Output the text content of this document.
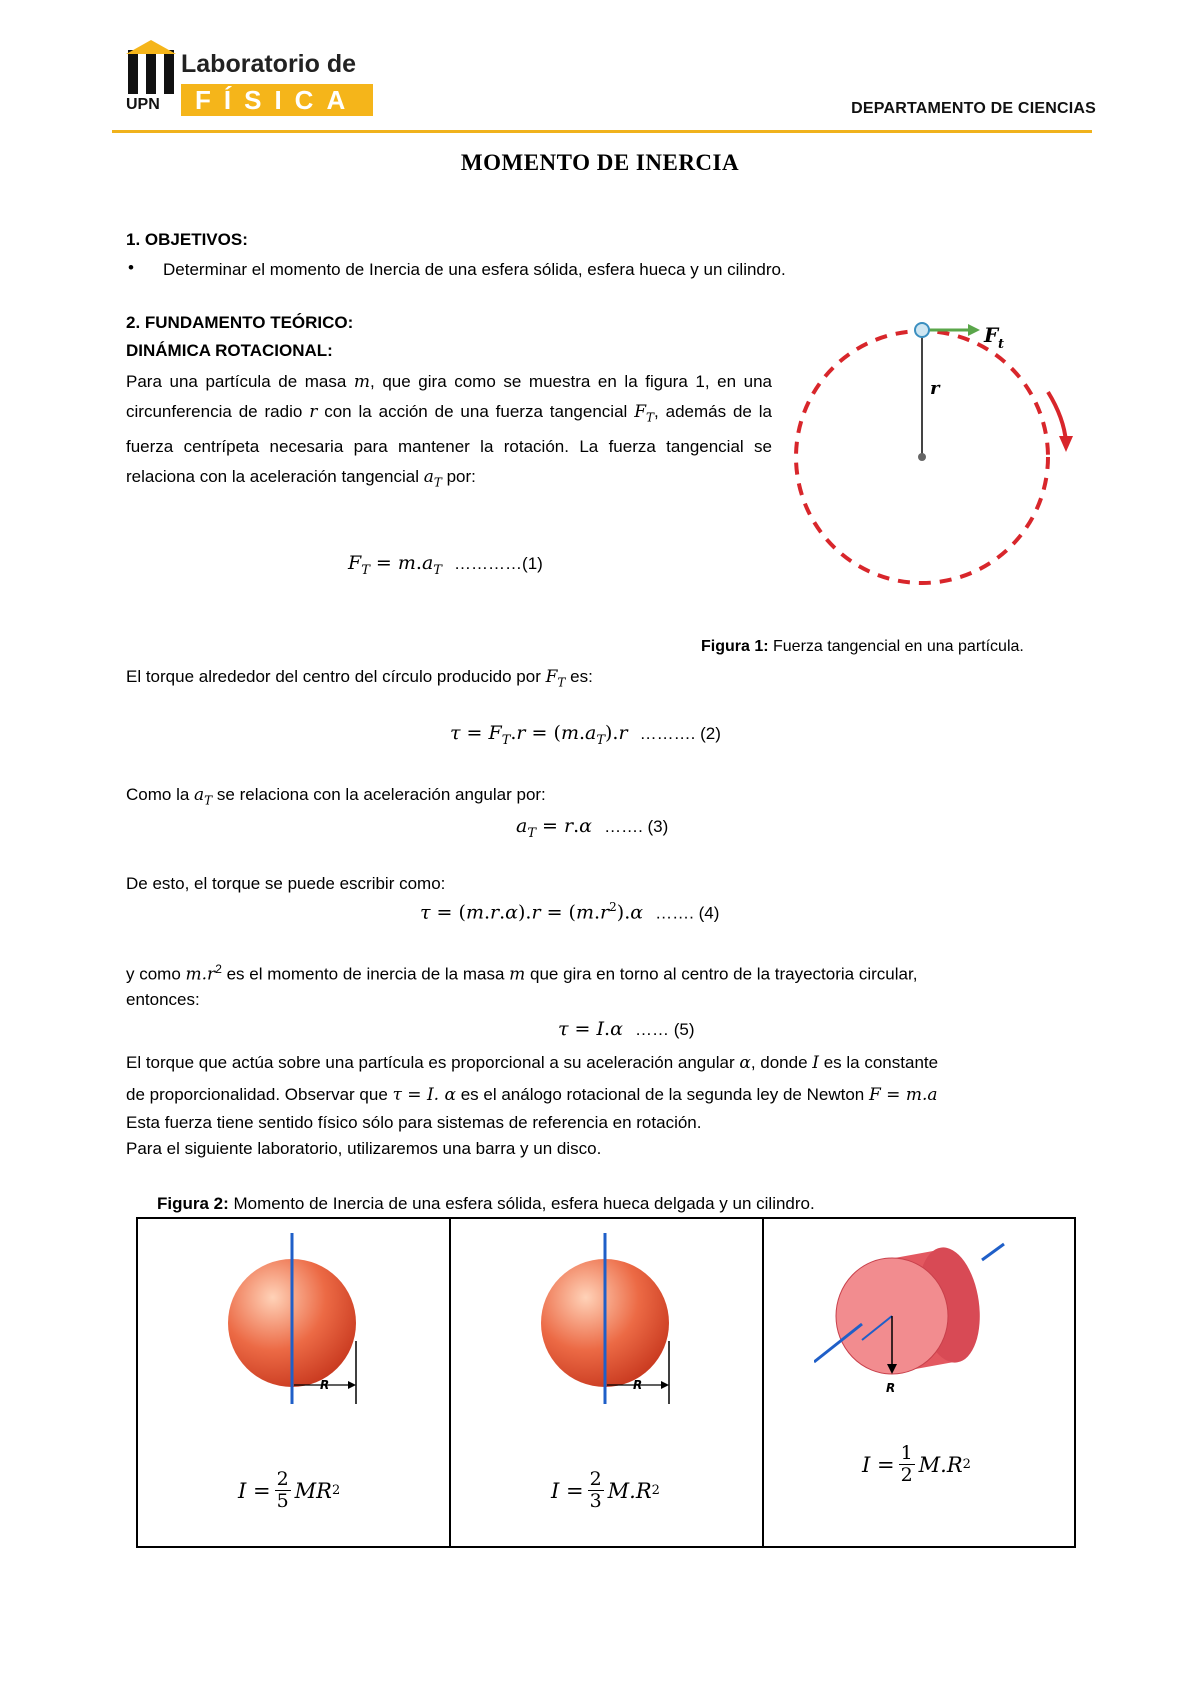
UPN
Laboratorio de
FÍSICA	DEPARTAMENTO DE CIENCIAS
MOMENTO DE INERCIA
1. OBJETIVOS:
• Determinar el momento de Inercia de una esfera sólida, esfera hueca y un cilindro.
2. FUNDAMENTO TEÓRICO:
DINÁMICA ROTACIONAL:
Para una partícula de masa m, que gira como se muestra en la figura 1, en una circunferencia de radio r con la acción de una fuerza tangencial $F_T$, además de la fuerza centrípeta necesaria para mantener la rotación. La fuerza tangencial se relaciona con la aceleración tangencial $a_T$ por:
$F_T = m.a_T$ …………(1)
r
F t
Figura 1: Fuerza tangencial en una partícula.
El torque alrededor del centro del círculo producido por $F_T$ es:
$\tau = F_T.r = (m.a_T).r$ ………. (2)
Como la $a_T$ se relaciona con la aceleración angular por:
$a_T = r.\alpha$ ……. (3)
De esto, el torque se puede escribir como:
$\tau = (m.r.\alpha).r = (m.r^2).\alpha$ ……. (4)
y como $m.r^2$ es el momento de inercia de la masa m que gira en torno al centro de la trayectoria circular,
entonces:
τ = I.α …… (5)
El torque que actúa sobre una partícula es proporcional a su aceleración angular α, donde I es la constante
de proporcionalidad. Observar que τ = I. α es el análogo rotacional de la segunda ley de Newton F = m.a
Esta fuerza tiene sentido físico sólo para sistemas de referencia en rotación.
Para el siguiente laboratorio, utilizaremos una barra y un disco.
Figura 2: Momento de Inercia de una esfera sólida, esfera hueca delgada y un cilindro.
R
$I = \frac{2}{5}$ MR 2
R
$I = \frac{2}{3} M.R$ 2
R
$I = \frac{1}{2} M.R$ 2
